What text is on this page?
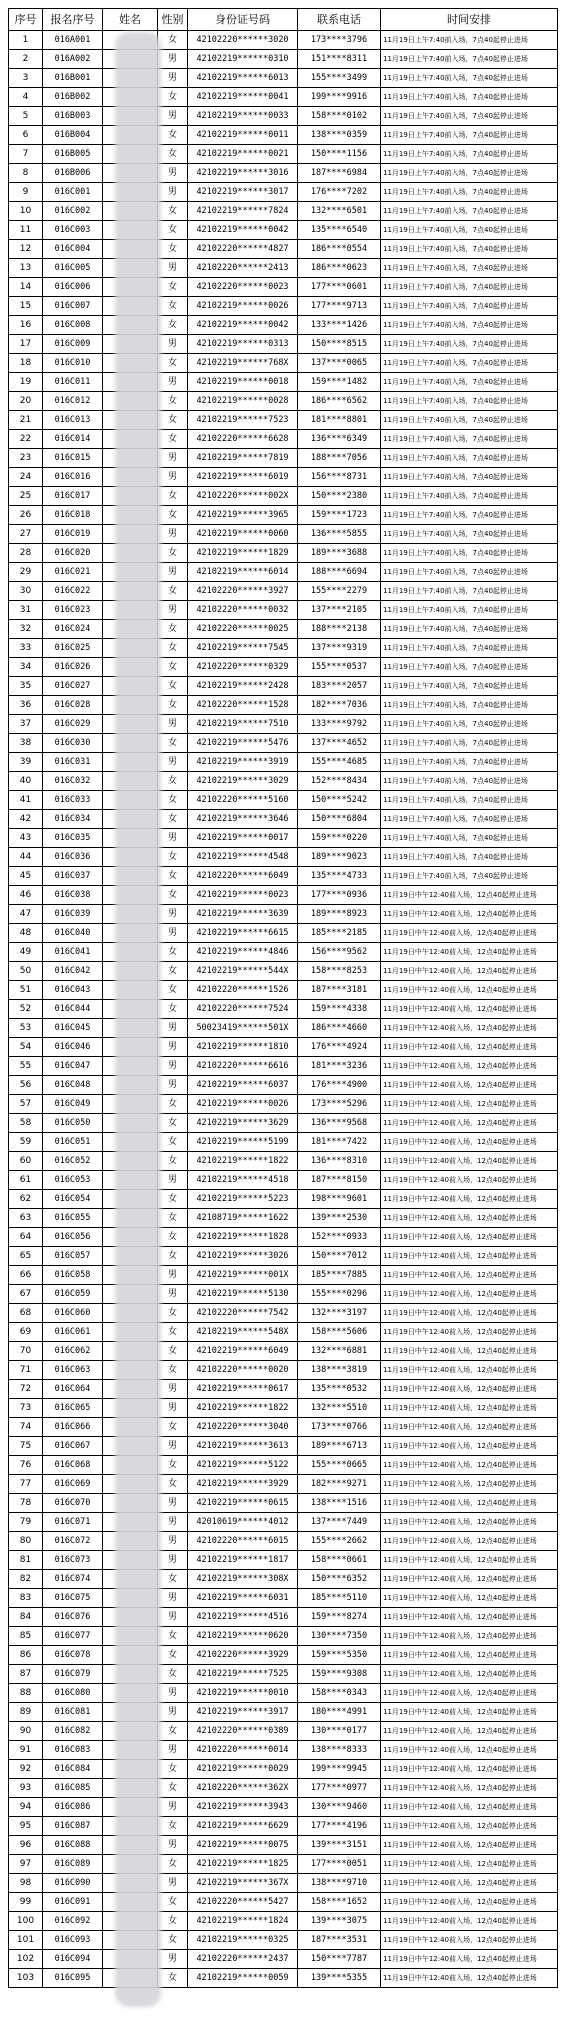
序号	报名序号	姓名	性别	身份证号码	联系电话	时间安排
1	016A001		女	42102220******3020	173****3796	11月19日上午7:40前入场，7点40起停止进场
2	016A002		男	42102219******0310	151****8311	11月19日上午7:40前入场，7点40起停止进场
3	016B001		男	42102219******6013	155****3499	11月19日上午7:40前入场，7点40起停止进场
4	016B002		女	42102219******0041	199****9916	11月19日上午7:40前入场，7点40起停止进场
5	016B003		男	42102219******0033	158****0102	11月19日上午7:40前入场，7点40起停止进场
6	016B004		女	42102219******0011	138****0359	11月19日上午7:40前入场，7点40起停止进场
7	016B005		女	42102219******0021	150****1156	11月19日上午7:40前入场，7点40起停止进场
8	016B006		男	42102219******3016	187****6984	11月19日上午7:40前入场，7点40起停止进场
9	016C001		男	42102219******3017	176****7202	11月19日上午7:40前入场，7点40起停止进场
10	016C002		女	42102219******7824	132****6501	11月19日上午7:40前入场，7点40起停止进场
11	016C003		女	42102219******0042	135****6540	11月19日上午7:40前入场，7点40起停止进场
12	016C004		女	42102220******4827	186****0554	11月19日上午7:40前入场，7点40起停止进场
13	016C005		男	42102220******2413	186****0623	11月19日上午7:40前入场，7点40起停止进场
14	016C006		女	42102220******0023	177****0601	11月19日上午7:40前入场，7点40起停止进场
15	016C007		女	42102219******0026	177****9713	11月19日上午7:40前入场，7点40起停止进场
16	016C008		女	42102219******0042	133****1426	11月19日上午7:40前入场，7点40起停止进场
17	016C009		男	42102219******0313	150****8515	11月19日上午7:40前入场，7点40起停止进场
18	016C010		女	42102219******768X	137****0065	11月19日上午7:40前入场，7点40起停止进场
19	016C011		男	42102219******0018	159****1482	11月19日上午7:40前入场，7点40起停止进场
20	016C012		女	42102219******0028	186****6562	11月19日上午7:40前入场，7点40起停止进场
21	016C013		女	42102219******7523	181****8801	11月19日上午7:40前入场，7点40起停止进场
22	016C014		女	42102220******6628	136****6349	11月19日上午7:40前入场，7点40起停止进场
23	016C015		男	42102219******7819	188****7056	11月19日上午7:40前入场，7点40起停止进场
24	016C016		男	42102219******6019	156****8731	11月19日上午7:40前入场，7点40起停止进场
25	016C017		女	42102220******002X	150****2380	11月19日上午7:40前入场，7点40起停止进场
26	016C018		女	42102219******3965	159****1723	11月19日上午7:40前入场，7点40起停止进场
27	016C019		男	42102219******0060	136****5855	11月19日上午7:40前入场，7点40起停止进场
28	016C020		女	42102219******1829	189****3688	11月19日上午7:40前入场，7点40起停止进场
29	016C021		男	42102219******6014	188****6694	11月19日上午7:40前入场，7点40起停止进场
30	016C022		女	42102220******3927	155****2279	11月19日上午7:40前入场，7点40起停止进场
31	016C023		男	42102220******0032	137****2105	11月19日上午7:40前入场，7点40起停止进场
32	016C024		女	42102220******0025	188****2138	11月19日上午7:40前入场，7点40起停止进场
33	016C025		女	42102219******7545	137****9319	11月19日上午7:40前入场，7点40起停止进场
34	016C026		女	42102220******0329	155****0537	11月19日上午7:40前入场，7点40起停止进场
35	016C027		女	42102219******2428	183****2057	11月19日上午7:40前入场，7点40起停止进场
36	016C028		女	42102220******1528	182****7036	11月19日上午7:40前入场，7点40起停止进场
37	016C029		男	42102219******7510	133****9792	11月19日上午7:40前入场，7点40起停止进场
38	016C030		女	42102219******5476	137****4652	11月19日上午7:40前入场，7点40起停止进场
39	016C031		男	42102219******3919	155****4685	11月19日上午7:40前入场，7点40起停止进场
40	016C032		女	42102219******3029	152****8434	11月19日上午7:40前入场，7点40起停止进场
41	016C033		女	42102220******5160	150****5242	11月19日上午7:40前入场，7点40起停止进场
42	016C034		女	42102219******3646	150****6804	11月19日上午7:40前入场，7点40起停止进场
43	016C035		男	42102219******0017	159****0220	11月19日上午7:40前入场，7点40起停止进场
44	016C036		女	42102219******4548	189****9023	11月19日上午7:40前入场，7点40起停止进场
45	016C037		女	42102220******6049	135****4733	11月19日上午7:40前入场，7点40起停止进场
46	016C038		女	42102219******0023	177****0936	11月19日中午12:40前入场，12点40起停止进场
47	016C039		男	42102219******3639	189****8923	11月19日中午12:40前入场，12点40起停止进场
48	016C040		男	42102219******6615	185****2185	11月19日中午12:40前入场，12点40起停止进场
49	016C041		女	42102219******4846	156****9562	11月19日中午12:40前入场，12点40起停止进场
50	016C042		女	42102219******544X	158****8253	11月19日中午12:40前入场，12点40起停止进场
51	016C043		女	42102220******1526	187****3181	11月19日中午12:40前入场，12点40起停止进场
52	016C044		女	42102220******7524	159****4338	11月19日中午12:40前入场，12点40起停止进场
53	016C045		男	50023419******501X	186****4660	11月19日中午12:40前入场，12点40起停止进场
54	016C046		男	42102219******1810	176****4924	11月19日中午12:40前入场，12点40起停止进场
55	016C047		男	42102220******6616	181****3236	11月19日中午12:40前入场，12点40起停止进场
56	016C048		男	42102219******6037	176****4900	11月19日中午12:40前入场，12点40起停止进场
57	016C049		女	42102219******0026	173****5296	11月19日中午12:40前入场，12点40起停止进场
58	016C050		女	42102219******3629	136****9568	11月19日中午12:40前入场，12点40起停止进场
59	016C051		女	42102219******5199	181****7422	11月19日中午12:40前入场，12点40起停止进场
60	016C052		女	42102219******1822	136****8310	11月19日中午12:40前入场，12点40起停止进场
61	016C053		男	42102219******4518	187****8150	11月19日中午12:40前入场，12点40起停止进场
62	016C054		女	42102219******5223	198****9601	11月19日中午12:40前入场，12点40起停止进场
63	016C055		女	42108719******1622	139****2530	11月19日中午12:40前入场，12点40起停止进场
64	016C056		女	42102219******1828	152****0933	11月19日中午12:40前入场，12点40起停止进场
65	016C057		女	42102219******3026	150****7012	11月19日中午12:40前入场，12点40起停止进场
66	016C058		男	42102219******001X	185****7885	11月19日中午12:40前入场，12点40起停止进场
67	016C059		男	42102219******5130	155****0296	11月19日中午12:40前入场，12点40起停止进场
68	016C060		女	42102220******7542	132****3197	11月19日中午12:40前入场，12点40起停止进场
69	016C061		女	42102219******548X	158****5606	11月19日中午12:40前入场，12点40起停止进场
70	016C062		女	42102219******6049	132****6881	11月19日中午12:40前入场，12点40起停止进场
71	016C063		女	42102220******0020	138****3819	11月19日中午12:40前入场，12点40起停止进场
72	016C064		男	42102219******0617	135****0532	11月19日中午12:40前入场，12点40起停止进场
73	016C065		男	42102219******1822	132****5510	11月19日中午12:40前入场，12点40起停止进场
74	016C066		女	42102220******3040	173****0766	11月19日中午12:40前入场，12点40起停止进场
75	016C067		男	42102219******3613	189****6713	11月19日中午12:40前入场，12点40起停止进场
76	016C068		女	42102219******5122	155****0665	11月19日中午12:40前入场，12点40起停止进场
77	016C069		女	42102219******3929	182****9271	11月19日中午12:40前入场，12点40起停止进场
78	016C070		男	42102219******0615	138****1516	11月19日中午12:40前入场，12点40起停止进场
79	016C071		男	42010619******4012	137****7449	11月19日中午12:40前入场，12点40起停止进场
80	016C072		男	42102220******6015	155****2662	11月19日中午12:40前入场，12点40起停止进场
81	016C073		男	42102219******1817	158****0661	11月19日中午12:40前入场，12点40起停止进场
82	016C074		女	42102219******308X	150****6352	11月19日中午12:40前入场，12点40起停止进场
83	016C075		男	42102219******6031	185****5110	11月19日中午12:40前入场，12点40起停止进场
84	016C076		男	42102219******4516	159****8274	11月19日中午12:40前入场，12点40起停止进场
85	016C077		女	42102219******0620	130****7350	11月19日中午12:40前入场，12点40起停止进场
86	016C078		女	42102220******3929	159****5350	11月19日中午12:40前入场，12点40起停止进场
87	016C079		女	42102219******7525	159****9308	11月19日中午12:40前入场，12点40起停止进场
88	016C080		男	42102219******0010	158****0343	11月19日中午12:40前入场，12点40起停止进场
89	016C081		男	42102219******3917	180****4991	11月19日中午12:40前入场，12点40起停止进场
90	016C082		女	42102220******0389	130****0177	11月19日中午12:40前入场，12点40起停止进场
91	016C083		男	42102220******0014	138****8333	11月19日中午12:40前入场，12点40起停止进场
92	016C084		女	42102219******0029	199****9945	11月19日中午12:40前入场，12点40起停止进场
93	016C085		女	42102220******362X	177****0977	11月19日中午12:40前入场，12点40起停止进场
94	016C086		男	42102219******3943	130****9460	11月19日中午12:40前入场，12点40起停止进场
95	016C087		女	42102219******6629	177****4196	11月19日中午12:40前入场，12点40起停止进场
96	016C088		男	42102219******0075	139****3151	11月19日中午12:40前入场，12点40起停止进场
97	016C089		女	42102219******1825	177****0051	11月19日中午12:40前入场，12点40起停止进场
98	016C090		男	42102219******367X	138****9710	11月19日中午12:40前入场，12点40起停止进场
99	016C091		女	42102220******5427	158****1652	11月19日中午12:40前入场，12点40起停止进场
100	016C092		女	42102219******1824	139****3075	11月19日中午12:40前入场，12点40起停止进场
101	016C093		女	42102219******0325	187****3531	11月19日中午12:40前入场，12点40起停止进场
102	016C094		男	42102220******2437	150****7787	11月19日中午12:40前入场，12点40起停止进场
103	016C095		女	42102219******0059	139****5355	11月19日中午12:40前入场，12点40起停止进场
